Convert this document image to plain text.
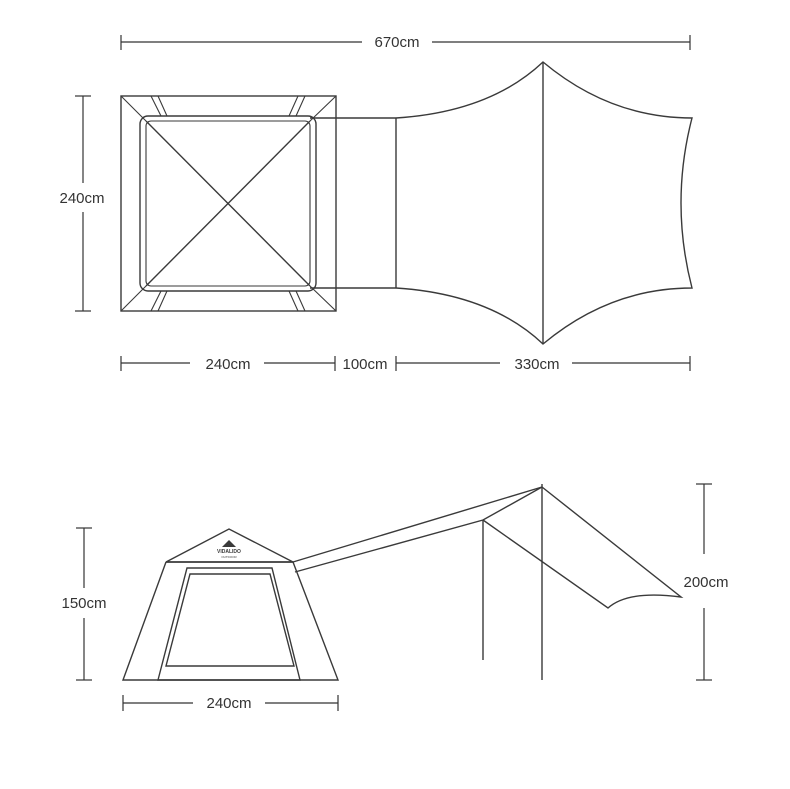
670cm
240cm
240cm	100cm	330cm
150cm
VIDALIDO
OUTDOOR
200cm
240cm
